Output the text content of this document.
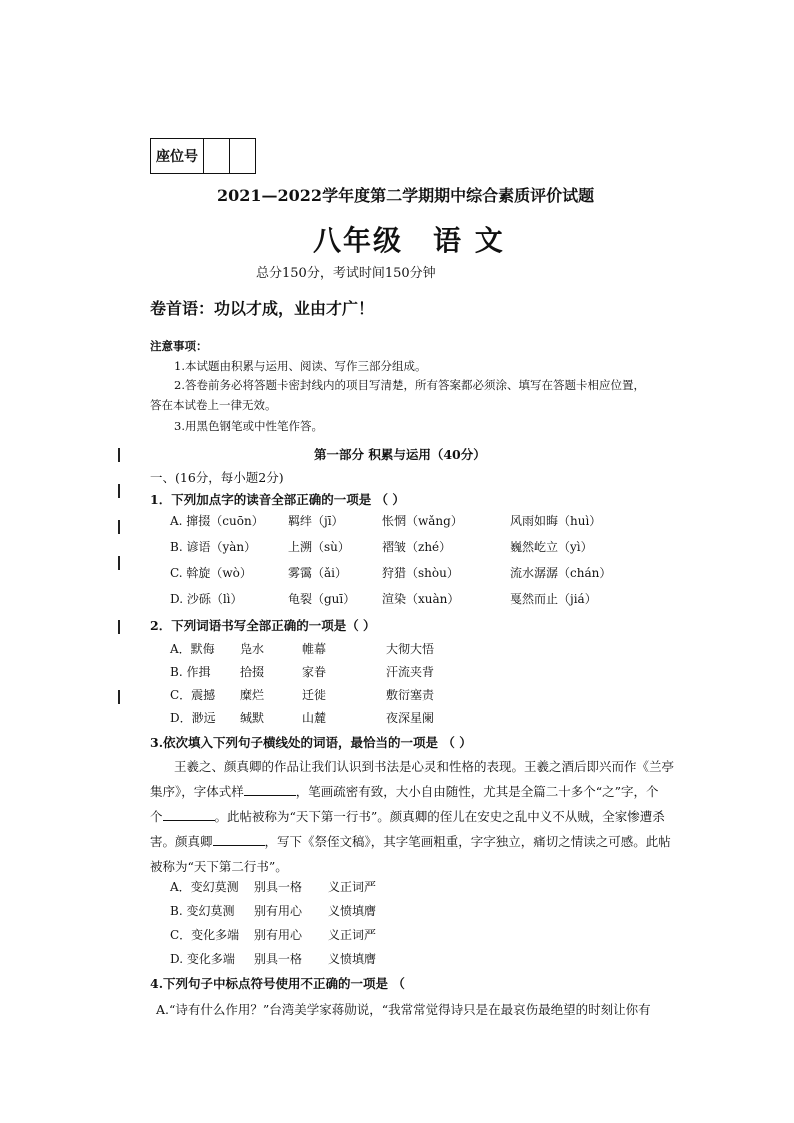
座位号
2021—2022学年度第二学期期中综合素质评价试题
八年级　语 文
总分150分，考试时间150分钟
卷首语：功以才成，业由才广！
注意事项：
1.本试题由积累与运用、阅读、写作三部分组成。
2.答卷前务必将答题卡密封线内的项目写清楚，所有答案都必须涂、填写在答题卡相应位置，
答在本试卷上一律无效。
3.用黑色钢笔或中性笔作答。
第一部分 积累与运用（40分）
一、(16分，每小题2分)
1．下列加点字的读音全部正确的一项是 （ ）
A. 撺掇（cuōn）	羁绊（jī）	怅惘（wǎng）	风雨如晦（huì）
B. 谚语（yàn）	上溯（sù）	褶皱（zhé）	巍然屹立（yì）
C. 斡旋（wò）	雾霭（ǎi）	狩猎（shòu）	流水潺潺（chán）
D. 沙砾（lì）	龟裂（guī）	渲染（xuàn）	戛然而止（jiá）
2．下列词语书写全部正确的一项是（ ）
A．默侮	凫水	帷幕	大彻大悟
B. 作揖	拾掇	家眷	汗流夹背
C．震撼	糜烂	迁徙	敷衍塞责
D．渺远	缄默	山麓	夜深星阑
3.依次填入下列句子横线处的词语，最恰当的一项是 （ ）
王羲之、颜真卿的作品让我们认识到书法是心灵和性格的表现。王羲之酒后即兴而作《兰亭
集序》，字体式样	，笔画疏密有致，大小自由随性，尤其是全篇二十多个“之”字，个
个	。此帖被称为“天下第一行书”。颜真卿的侄儿在安史之乱中义不从贼，全家惨遭杀
害。颜真卿	，写下《祭侄文稿》，其字笔画粗重，字字独立，痛切之情读之可感。此帖
被称为“天下第二行书”。
A．变幻莫测	别具一格	义正词严
B. 变幻莫测	别有用心	义愤填膺
C．变化多端	别有用心	义正词严
D. 变化多端	别具一格	义愤填膺
4.下列句子中标点符号使用不正确的一项是 （
A.“诗有什么作用？”台湾美学家蒋勋说，“我常常觉得诗只是在最哀伤最绝望的时刻让你有
